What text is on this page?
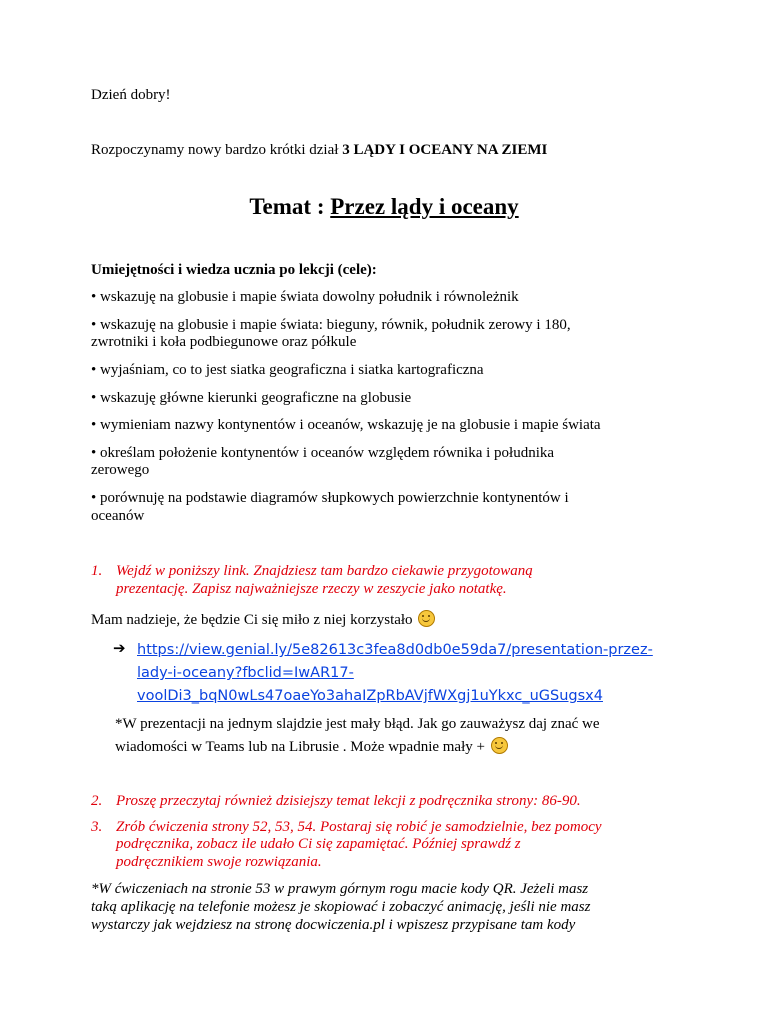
Dzień dobry!

Rozpoczynamy nowy bardzo krótki dział 3 LĄDY I OCEANY NA ZIEMI

Temat : Przez lądy i oceany

Umiejętności i wiedza ucznia po lekcji (cele):

• wskazuję na globusie i mapie świata dowolny południk i równoleżnik

• wskazuję na globusie i mapie świata: bieguny, równik, południk zerowy i 180,

zwrotniki i koła podbiegunowe oraz półkule

• wyjaśniam, co to jest siatka geograficzna i siatka kartograficzna

• wskazuję główne kierunki geograficzne na globusie

• wymieniam nazwy kontynentów i oceanów, wskazuję je na globusie i mapie świata

• określam położenie kontynentów i oceanów względem równika i południka

zerowego

• porównuję na podstawie diagramów słupkowych powierzchnie kontynentów i

oceanów

1. Wejdź w poniższy link. Znajdziesz tam bardzo ciekawie przygotowaną

prezentację. Zapisz najważniejsze rzeczy w zeszycie jako notatkę.

Mam nadzieje, że będzie Ci się miło z niej korzystało

➔ https://view.genial.ly/5e82613c3fea8d0db0e59da7/presentation-przez-
lady-i-oceany?fbclid=IwAR17-
voolDi3_bqN0wLs47oaeYo3ahaIZpRbAVjfWXgj1uYkxc_uGSugsx4

*W prezentacji na jednym slajdzie jest mały błąd. Jak go zauważysz daj znać we

wiadomości w Teams lub na Librusie . Może wpadnie mały +

2. Proszę przeczytaj również dzisiejszy temat lekcji z podręcznika strony: 86-90.

3. Zrób ćwiczenia strony 52, 53, 54. Postaraj się robić je samodzielnie, bez pomocy

podręcznika, zobacz ile udało Ci się zapamiętać. Później sprawdź z

podręcznikiem swoje rozwiązania.

*W ćwiczeniach na stronie 53 w prawym górnym rogu macie kody QR. Jeżeli masz

taką aplikację na telefonie możesz je skopiować i zobaczyć animację, jeśli nie masz

wystarczy jak wejdziesz na stronę docwiczenia.pl i wpiszesz przypisane tam kody
